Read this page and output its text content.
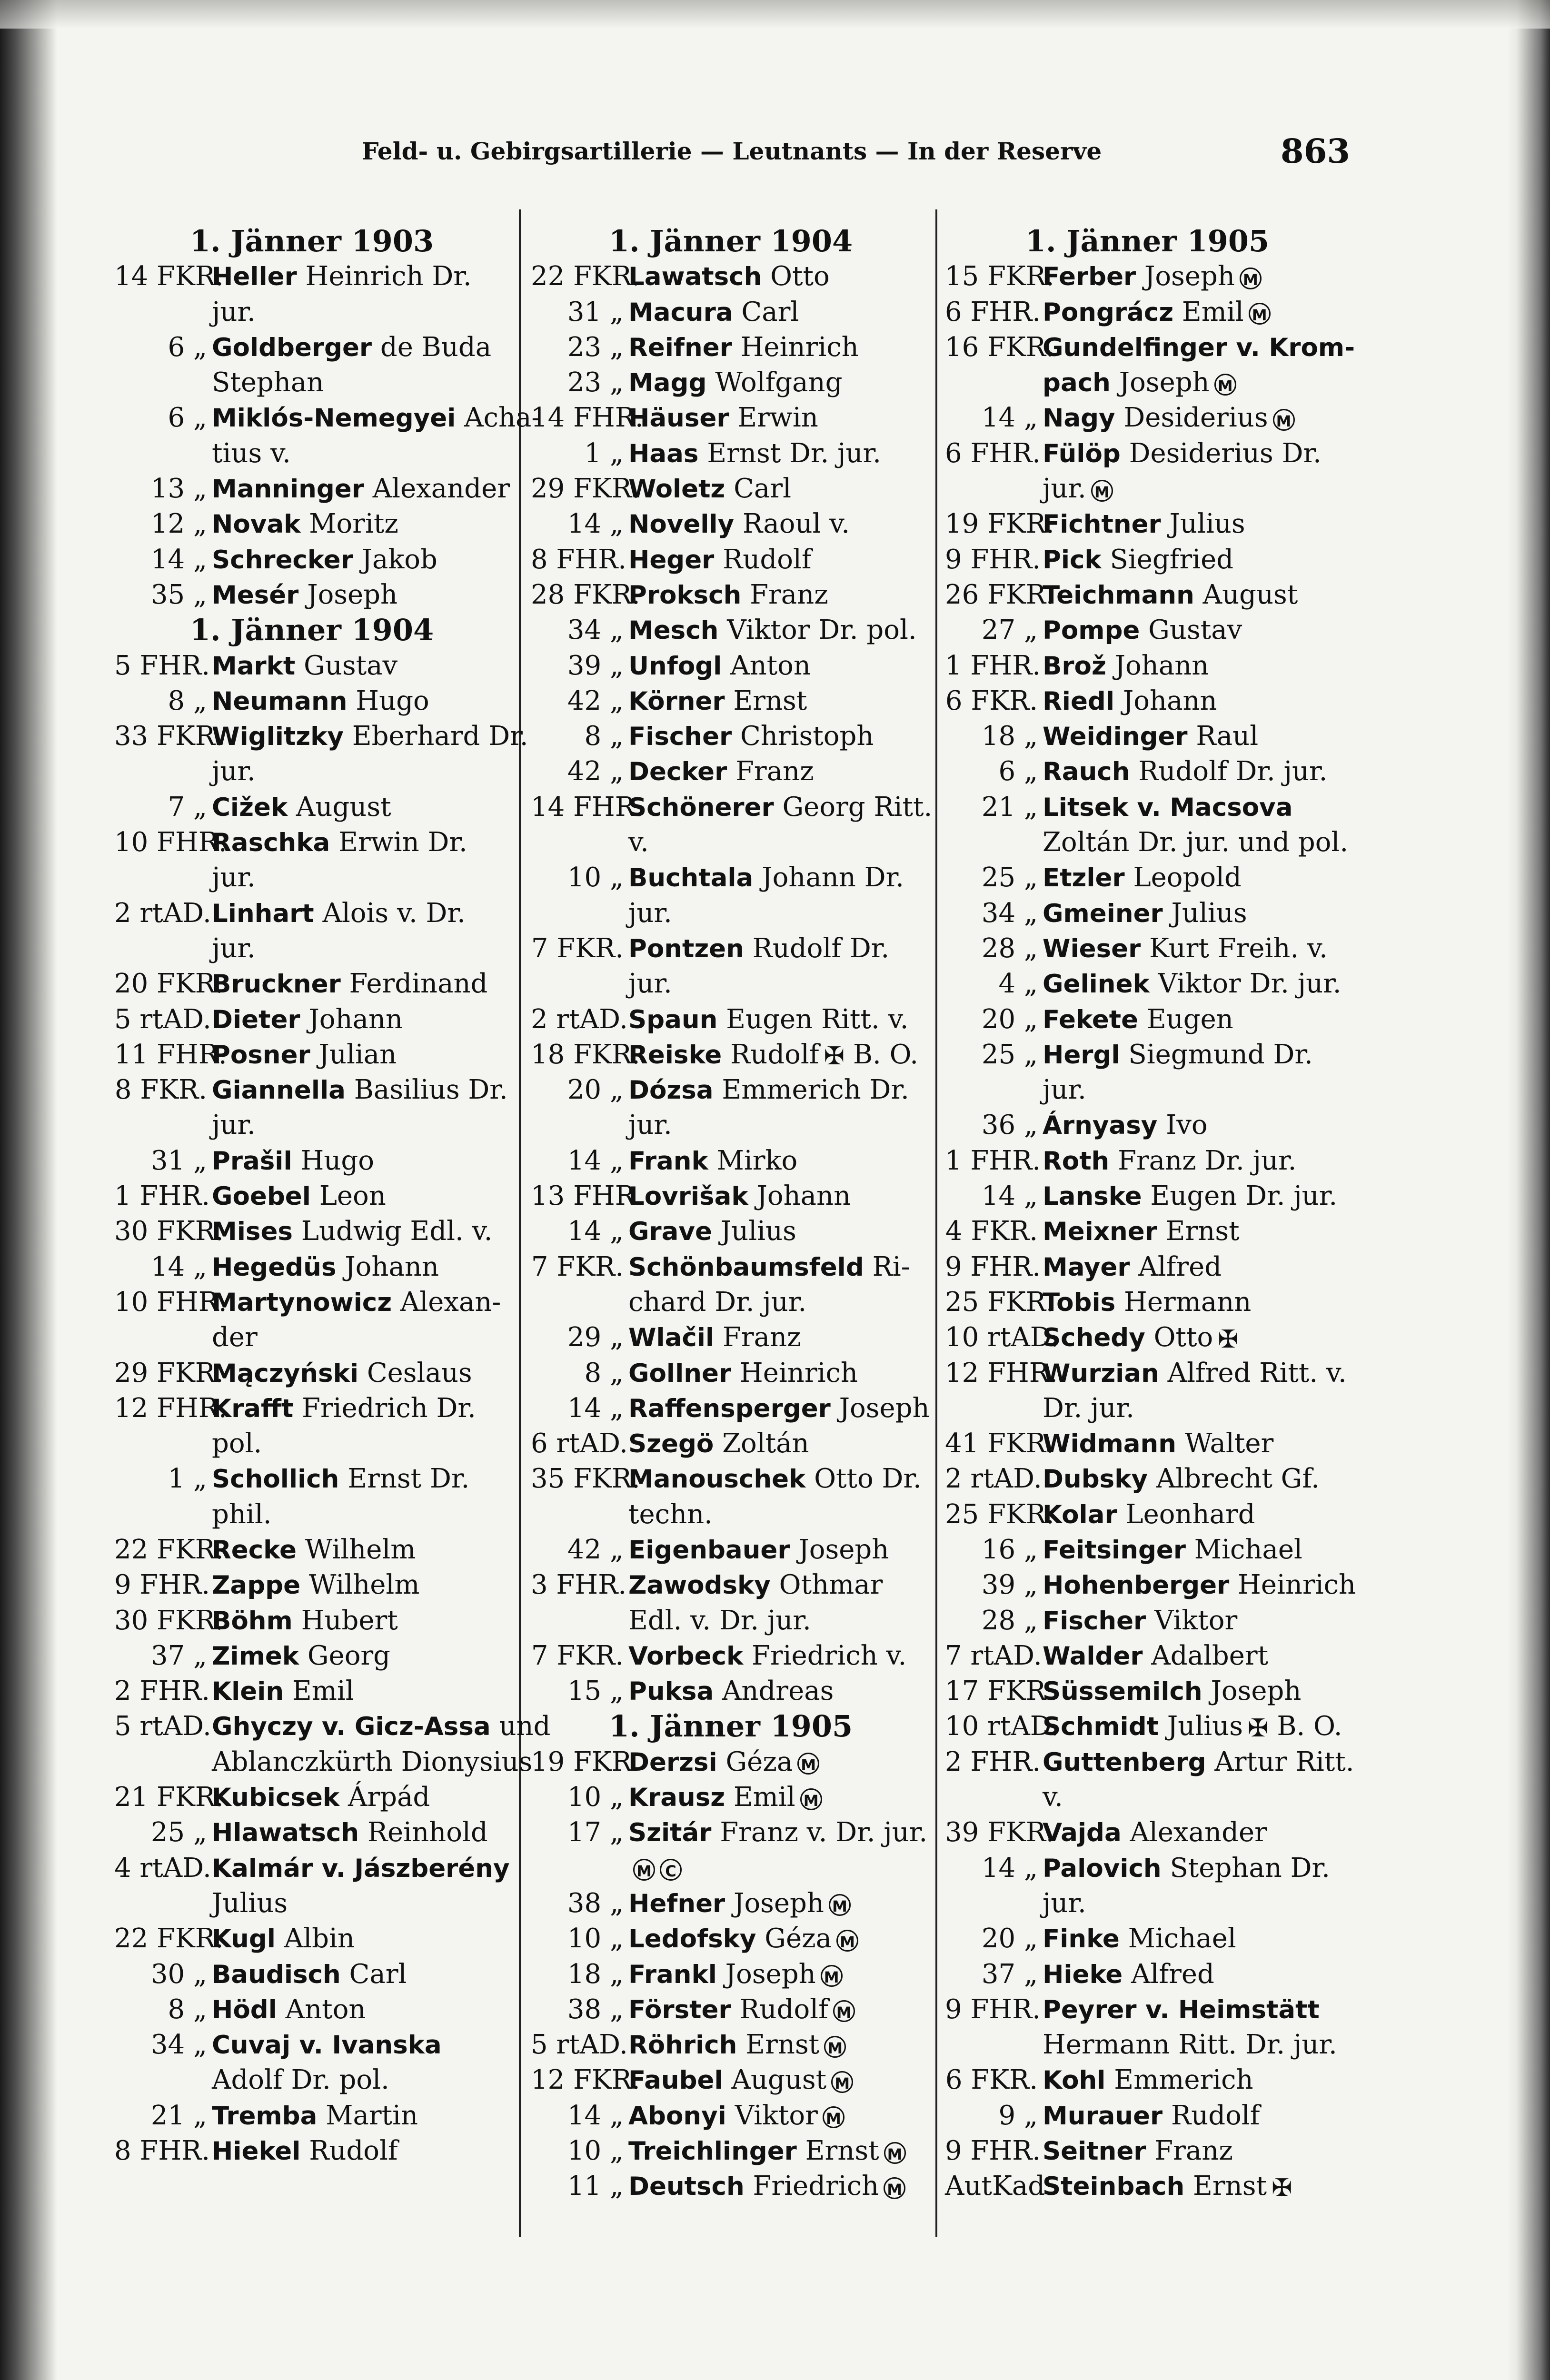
Feld- u. Gebirgsartillerie — Leutnants — In der Reserve	863
1. Jänner 1903
14 FKR.
Heller Heinrich Dr.
jur.
6 „ Goldberger de Buda
Stephan
6 „ Miklós-Nemegyei Acha-
tius v.
13 „ Manninger Alexander
12 „ Novak Moritz
14 „ Schrecker Jakob
35 „ Mesér Joseph
1. Jänner 1904
5 FHR. Markt Gustav
8 „ Neumann Hugo
33 FKR.
Wiglitzky Eberhard Dr.
jur.
7 „ Cižek August
10 FHR.
Raschka Erwin Dr.
jur.
2 rtAD. Linhart Alois v. Dr.
jur.
20 FKR.
Bruckner Ferdinand
5 rtAD. Dieter Johann
11 FHR.
Posner Julian
8 FKR. Giannella Basilius Dr.
jur.
31 „ Prašil Hugo
1 FHR. Goebel Leon
30 FKR.
Mises Ludwig Edl. v.
14 „ Hegedüs Johann
10 FHR.
Martynowicz Alexan-
der
29 FKR.
Mączyński Ceslaus
12 FHR.
Krafft Friedrich Dr.
pol.
1 „ Schollich Ernst Dr.
phil.
22 FKR.
Recke Wilhelm
9 FHR. Zappe Wilhelm
30 FKR.
Böhm Hubert
37 „ Zimek Georg
2 FHR. Klein Emil
5 rtAD. Ghyczy v. Gicz-Assa und
Ablanczkürth Dionysius
21 FKR.
Kubicsek Árpád
25 „ Hlawatsch Reinhold
4 rtAD. Kalmár v. Jászberény
Julius
22 FKR.
Kugl Albin
30 „ Baudisch Carl
8 „ Hödl Anton
34 „ Cuvaj v. Ivanska
Adolf Dr. pol.
21 „ Tremba Martin
8 FHR. Hiekel Rudolf
1. Jänner 1904
22 FKR.
Lawatsch Otto
31 „ Macura Carl
23 „ Reifner Heinrich
23 „ Magg Wolfgang
14 FHR.
Häuser Erwin
1 „ Haas Ernst Dr. jur.
29 FKR.
Woletz Carl
14 „ Novelly Raoul v.
8 FHR. Heger Rudolf
28 FKR.
Proksch Franz
34 „ Mesch Viktor Dr. pol.
39 „ Unfogl Anton
42 „ Körner Ernst
8 „ Fischer Christoph
42 „ Decker Franz
14 FHR.
Schönerer Georg Ritt.
v.
10 „ Buchtala Johann Dr.
jur.
7 FKR. Pontzen Rudolf Dr.
jur.
2 rtAD. Spaun Eugen Ritt. v.
18 FKR.
Reiske Rudolf ✠ B. O.
20 „ Dózsa Emmerich Dr.
jur.
14 „ Frank Mirko
13 FHR.
Lovrišak Johann
14 „ Grave Julius
7 FKR. Schönbaumsfeld Ri-
chard Dr. jur.
29 „ Wlačil Franz
8 „ Gollner Heinrich
14 „ Raffensperger Joseph
6 rtAD. Szegö Zoltán
35 FKR.
Manouschek Otto Dr.
techn.
42 „ Eigenbauer Joseph
3 FHR. Zawodsky Othmar
Edl. v. Dr. jur.
7 FKR. Vorbeck Friedrich v.
15 „ Puksa Andreas
1. Jänner 1905
19 FKR.
Derzsi Géza M
10 „ Krausz Emil M
17 „ Szitár Franz v. Dr. jur.
M C
38 „ Hefner Joseph M
10 „ Ledofsky Géza M
18 „ Frankl Joseph M
38 „ Förster Rudolf M
5 rtAD. Röhrich Ernst M
12 FKR.
Faubel August M
14 „ Abonyi Viktor M
10 „ Treichlinger Ernst M
11 „ Deutsch Friedrich M
1. Jänner 1905
15 FKR.
Ferber Joseph M
6 FHR. Pongrácz Emil M
16 FKR.
Gundelfinger v. Krom-
pach Joseph M
14 „ Nagy Desiderius M
6 FHR. Fülöp Desiderius Dr.
jur. M
19 FKR.
Fichtner Julius
9 FHR. Pick Siegfried
26 FKR.
Teichmann August
27 „ Pompe Gustav
1 FHR. Brož Johann
6 FKR. Riedl Johann
18 „ Weidinger Raul
6 „ Rauch Rudolf Dr. jur.
21 „ Litsek v. Macsova
Zoltán Dr. jur. und pol.
25 „ Etzler Leopold
34 „ Gmeiner Julius
28 „ Wieser Kurt Freih. v.
4 „ Gelinek Viktor Dr. jur.
20 „ Fekete Eugen
25 „ Hergl Siegmund Dr.
jur.
36 „ Árnyasy Ivo
1 FHR. Roth Franz Dr. jur.
14 „ Lanske Eugen Dr. jur.
4 FKR. Meixner Ernst
9 FHR. Mayer Alfred
25 FKR.
Tobis Hermann
10 rtAD.
Schedy Otto ✠
12 FHR.
Wurzian Alfred Ritt. v.
Dr. jur.
41 FKR.
Widmann Walter
2 rtAD. Dubsky Albrecht Gf.
25 FKR.
Kolar Leonhard
16 „ Feitsinger Michael
39 „ Hohenberger Heinrich
28 „ Fischer Viktor
7 rtAD. Walder Adalbert
17 FKR.
Süssemilch Joseph
10 rtAD.
Schmidt Julius ✠ B. O.
2 FHR. Guttenberg Artur Ritt.
v.
39 FKR.
Vajda Alexander
14 „ Palovich Stephan Dr.
jur.
20 „ Finke Michael
37 „ Hieke Alfred
9 FHR. Peyrer v. Heimstätt
Hermann Ritt. Dr. jur.
6 FKR. Kohl Emmerich
9 „ Murauer Rudolf
9 FHR. Seitner Franz
AutKad.
Steinbach Ernst ✠
